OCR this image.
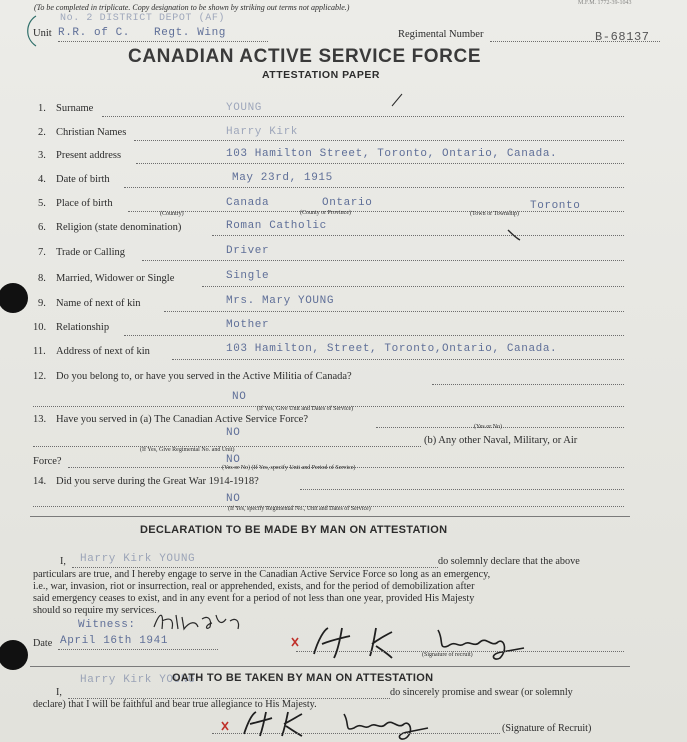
(To be completed in triplicate. Copy designation to be shown by striking out terms not applicable.)	M.F.M. 1772-39-1043
No. 2 DISTRICT DEPOT (AF)
Unit R.R. of C. Regt. Wing	Regimental Number	B-68137
CANADIAN ACTIVE SERVICE FORCE
ATTESTATION PAPER
1. Surname	YOUNG
2. Christian Names	Harry Kirk
3. Present address	103 Hamilton Street, Toronto, Ontario, Canada.
4. Date of birth	May 23rd, 1915
5. Place of birth	Canada	Ontario	Toronto
(Country)	(County or Province)	(Town or Township)
6. Religion (state denomination)	Roman Catholic
7. Trade or Calling	Driver
8. Married, Widower or Single	Single
9. Name of next of kin	Mrs. Mary YOUNG
10. Relationship	Mother
11. Address of next of kin	103 Hamilton, Street, Toronto,Ontario, Canada.
12. Do you belong to, or have you served in the Active Militia of Canada?
NO
(If Yes, Give Unit and Dates of Service)
13. Have you served in (a) The Canadian Active Service Force?
(Yes or No)
NO
(b) Any other Naval, Military, or Air
(If Yes, Give Regimental No. and Unit)
Force?	NO
(Yes or No) (If Yes, specify Unit and Period of Service)
14. Did you serve during the Great War 1914-1918?
NO
(If Yes, specify Regimental No., Unit and Dates of Service)
DECLARATION TO BE MADE BY MAN ON ATTESTATION
I, Harry Kirk YOUNG	do solemnly declare that the above
particulars are true, and I hereby engage to serve in the Canadian Active Service Force so long as an emergency,
i.e., war, invasion, riot or insurrection, real or apprehended, exists, and for the period of demobilization after
said emergency ceases to exist, and in any event for a period of not less than one year, provided His Majesty
should so require my services.
Witness:
Date April 16th 1941
(Signature of recruit)
Harry Kirk YOUNG
OATH TO BE TAKEN BY MAN ON ATTESTATION
I,	do sincerely promise and swear (or solemnly
declare) that I will be faithful and bear true allegiance to His Majesty.
(Signature of Recruit)
